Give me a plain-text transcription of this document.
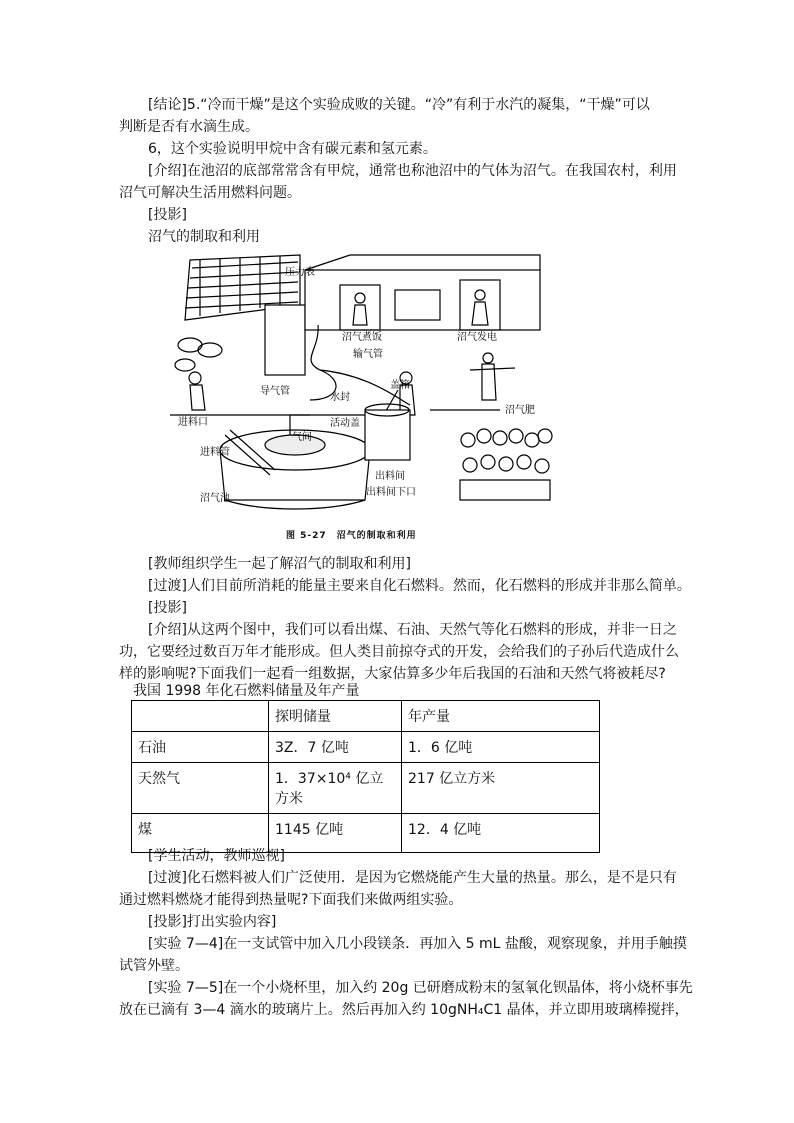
[结论]5.“冷而干燥”是这个实验成败的关键。“冷”有利于水汽的凝集，“干燥”可以
判断是否有水滴生成。
6，这个实验说明甲烷中含有碳元素和氢元素。
[介绍]在池沼的底部常常含有甲烷，通常也称池沼中的气体为沼气。在我国农村，利用
沼气可解决生活用燃料问题。
[投影]
沼气的制取和利用
压力表
沼气煮饭	沼气发电
输气管
导气管
盖箱
水封
进料口	活动盖
沼气肥
进料管
气间
出料间
出料间下口
沼气池
图 5-27　沼气的制取和利用
[教师组织学生一起了解沼气的制取和利用]
[过渡]人们目前所消耗的能量主要来自化石燃料。然而，化石燃料的形成并非那么简单。
[投影]
[介绍]从这两个图中，我们可以看出煤、石油、天然气等化石燃料的形成，并非一日之
功，它要经过数百万年才能形成。但人类目前掠夺式的开发，会给我们的子孙后代造成什么
样的影响呢?下面我们一起看一组数据，大家估算多少年后我国的石油和天然气将被耗尽?
我国 1998 年化石燃料储量及年产量
	探明储量	年产量
石油	3Z．7 亿吨	1．6 亿吨
天然气	1．37×10⁴ 亿立方米	217 亿立方米
煤	1145 亿吨	12．4 亿吨
[学生活动，教师巡视]
[过渡]化石燃料被人们广泛使用．是因为它燃烧能产生大量的热量。那么，是不是只有
通过燃料燃烧才能得到热量呢?下面我们来做两组实验。
[投影]打出实验内容]
[实验 7—4]在一支试管中加入几小段镁条．再加入 5 mL 盐酸，观察现象，并用手触摸
试管外壁。
[实验 7—5]在一个小烧杯里，加入约 20g 已研磨成粉末的氢氧化钡晶体，将小烧杯事先
放在已滴有 3—4 滴水的玻璃片上。然后再加入约 10gNH₄C1 晶体，并立即用玻璃棒搅拌，
